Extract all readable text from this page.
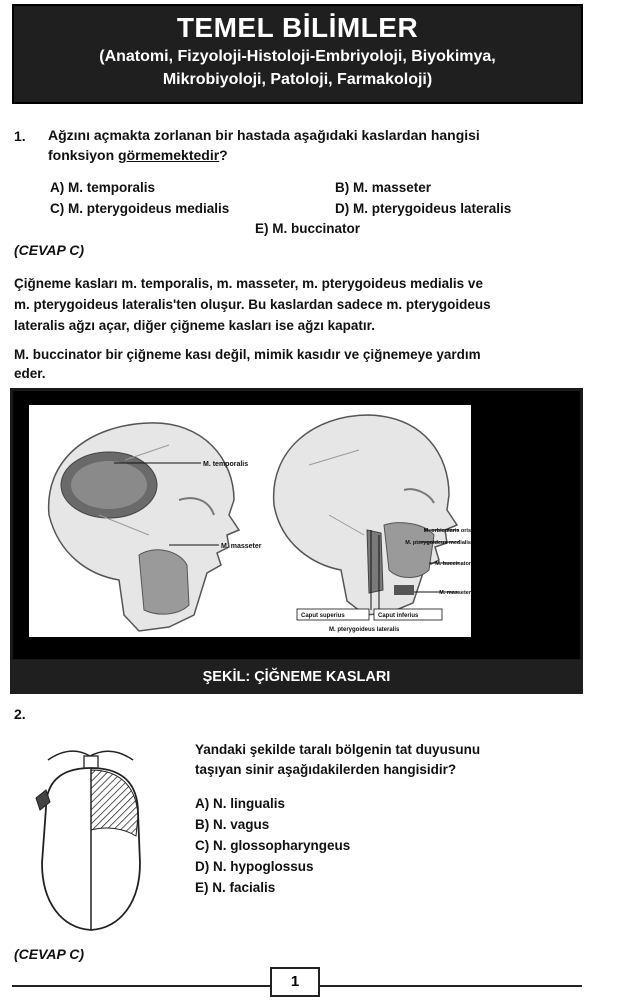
TEMEL BİLİMLER
(Anatomi, Fizyoloji-Histoloji-Embriyoloji, Biyokimya,
Mikrobiyoloji, Patoloji, Farmakoloji)
1. Ağzını açmakta zorlanan bir hastada aşağıdaki kaslardan hangisi
fonksiyon görmemektedir?
A) M. temporalis	B) M. masseter
C) M. pterygoideus medialis	D) M. pterygoideus lateralis
E) M. buccinator
(CEVAP C)
Çiğneme kasları m. temporalis, m. masseter, m. pterygoideus medialis ve
m. pterygoideus lateralis'ten oluşur. Bu kaslardan sadece m. pterygoideus
lateralis ağzı açar, diğer çiğneme kasları ise ağzı kapatır.
M. buccinator bir çiğneme kası değil, mimik kasıdır ve çiğnemeye yardım
eder.
M. temporalis
M. masseter
M. orbicularis oris
M. pterygoideus medialis
M. buccinator
M. masseter
Caput superius	Caput inferius
M. pterygoideus lateralis
ŞEKİL: ÇİĞNEME KASLARI
2.
Yandaki şekilde taralı bölgenin tat duyusunu
taşıyan sinir aşağıdakilerden hangisidir?
A) N. lingualis
B) N. vagus
C) N. glossopharyngeus
D) N. hypoglossus
E) N. facialis
(CEVAP C)
1
